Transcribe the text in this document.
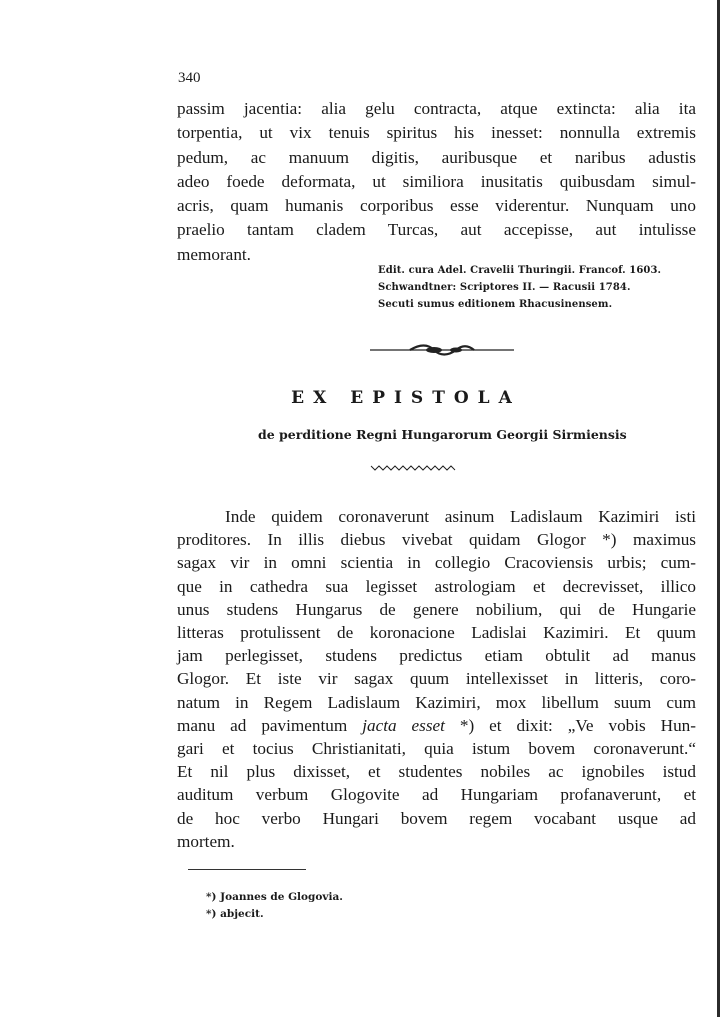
340
passim jacentia: alia gelu contracta, atque extincta: alia ita
torpentia, ut vix tenuis spiritus his inesset: nonnulla extremis
pedum, ac manuum digitis, auribusque et naribus adustis
adeo foede deformata, ut similiora inusitatis quibusdam simul-
acris, quam humanis corporibus esse viderentur. Nunquam uno
praelio tantam cladem Turcas, aut accepisse, aut intulisse
memorant.
Edit. cura Adel. Cravelii Thuringii. Francof. 1603.
Schwandtner: Scriptores II. — Racusii 1784.
Secuti sumus editionem Rhacusinensem.
EX EPISTOLA
de perditione Regni Hungarorum Georgii Sirmiensis
Inde quidem coronaverunt asinum Ladislaum Kazimiri isti
proditores. In illis diebus vivebat quidam Glogor *) maximus
sagax vir in omni scientia in collegio Cracoviensis urbis; cum-
que in cathedra sua legisset astrologiam et decrevisset, illico
unus studens Hungarus de genere nobilium, qui de Hungarie
litteras protulissent de koronacione Ladislai Kazimiri. Et quum
jam perlegisset, studens predictus etiam obtulit ad manus
Glogor. Et iste vir sagax quum intellexisset in litteris, coro-
natum in Regem Ladislaum Kazimiri, mox libellum suum cum
manu ad pavimentum jacta esset *) et dixit: „Ve vobis Hun-
gari et tocius Christianitati, quia istum bovem coronaverunt.“
Et nil plus dixisset, et studentes nobiles ac ignobiles istud
auditum verbum Glogovite ad Hungariam profanaverunt, et
de hoc verbo Hungari bovem regem vocabant usque ad
mortem.
*) Joannes de Glogovia.
*) abjecit.
